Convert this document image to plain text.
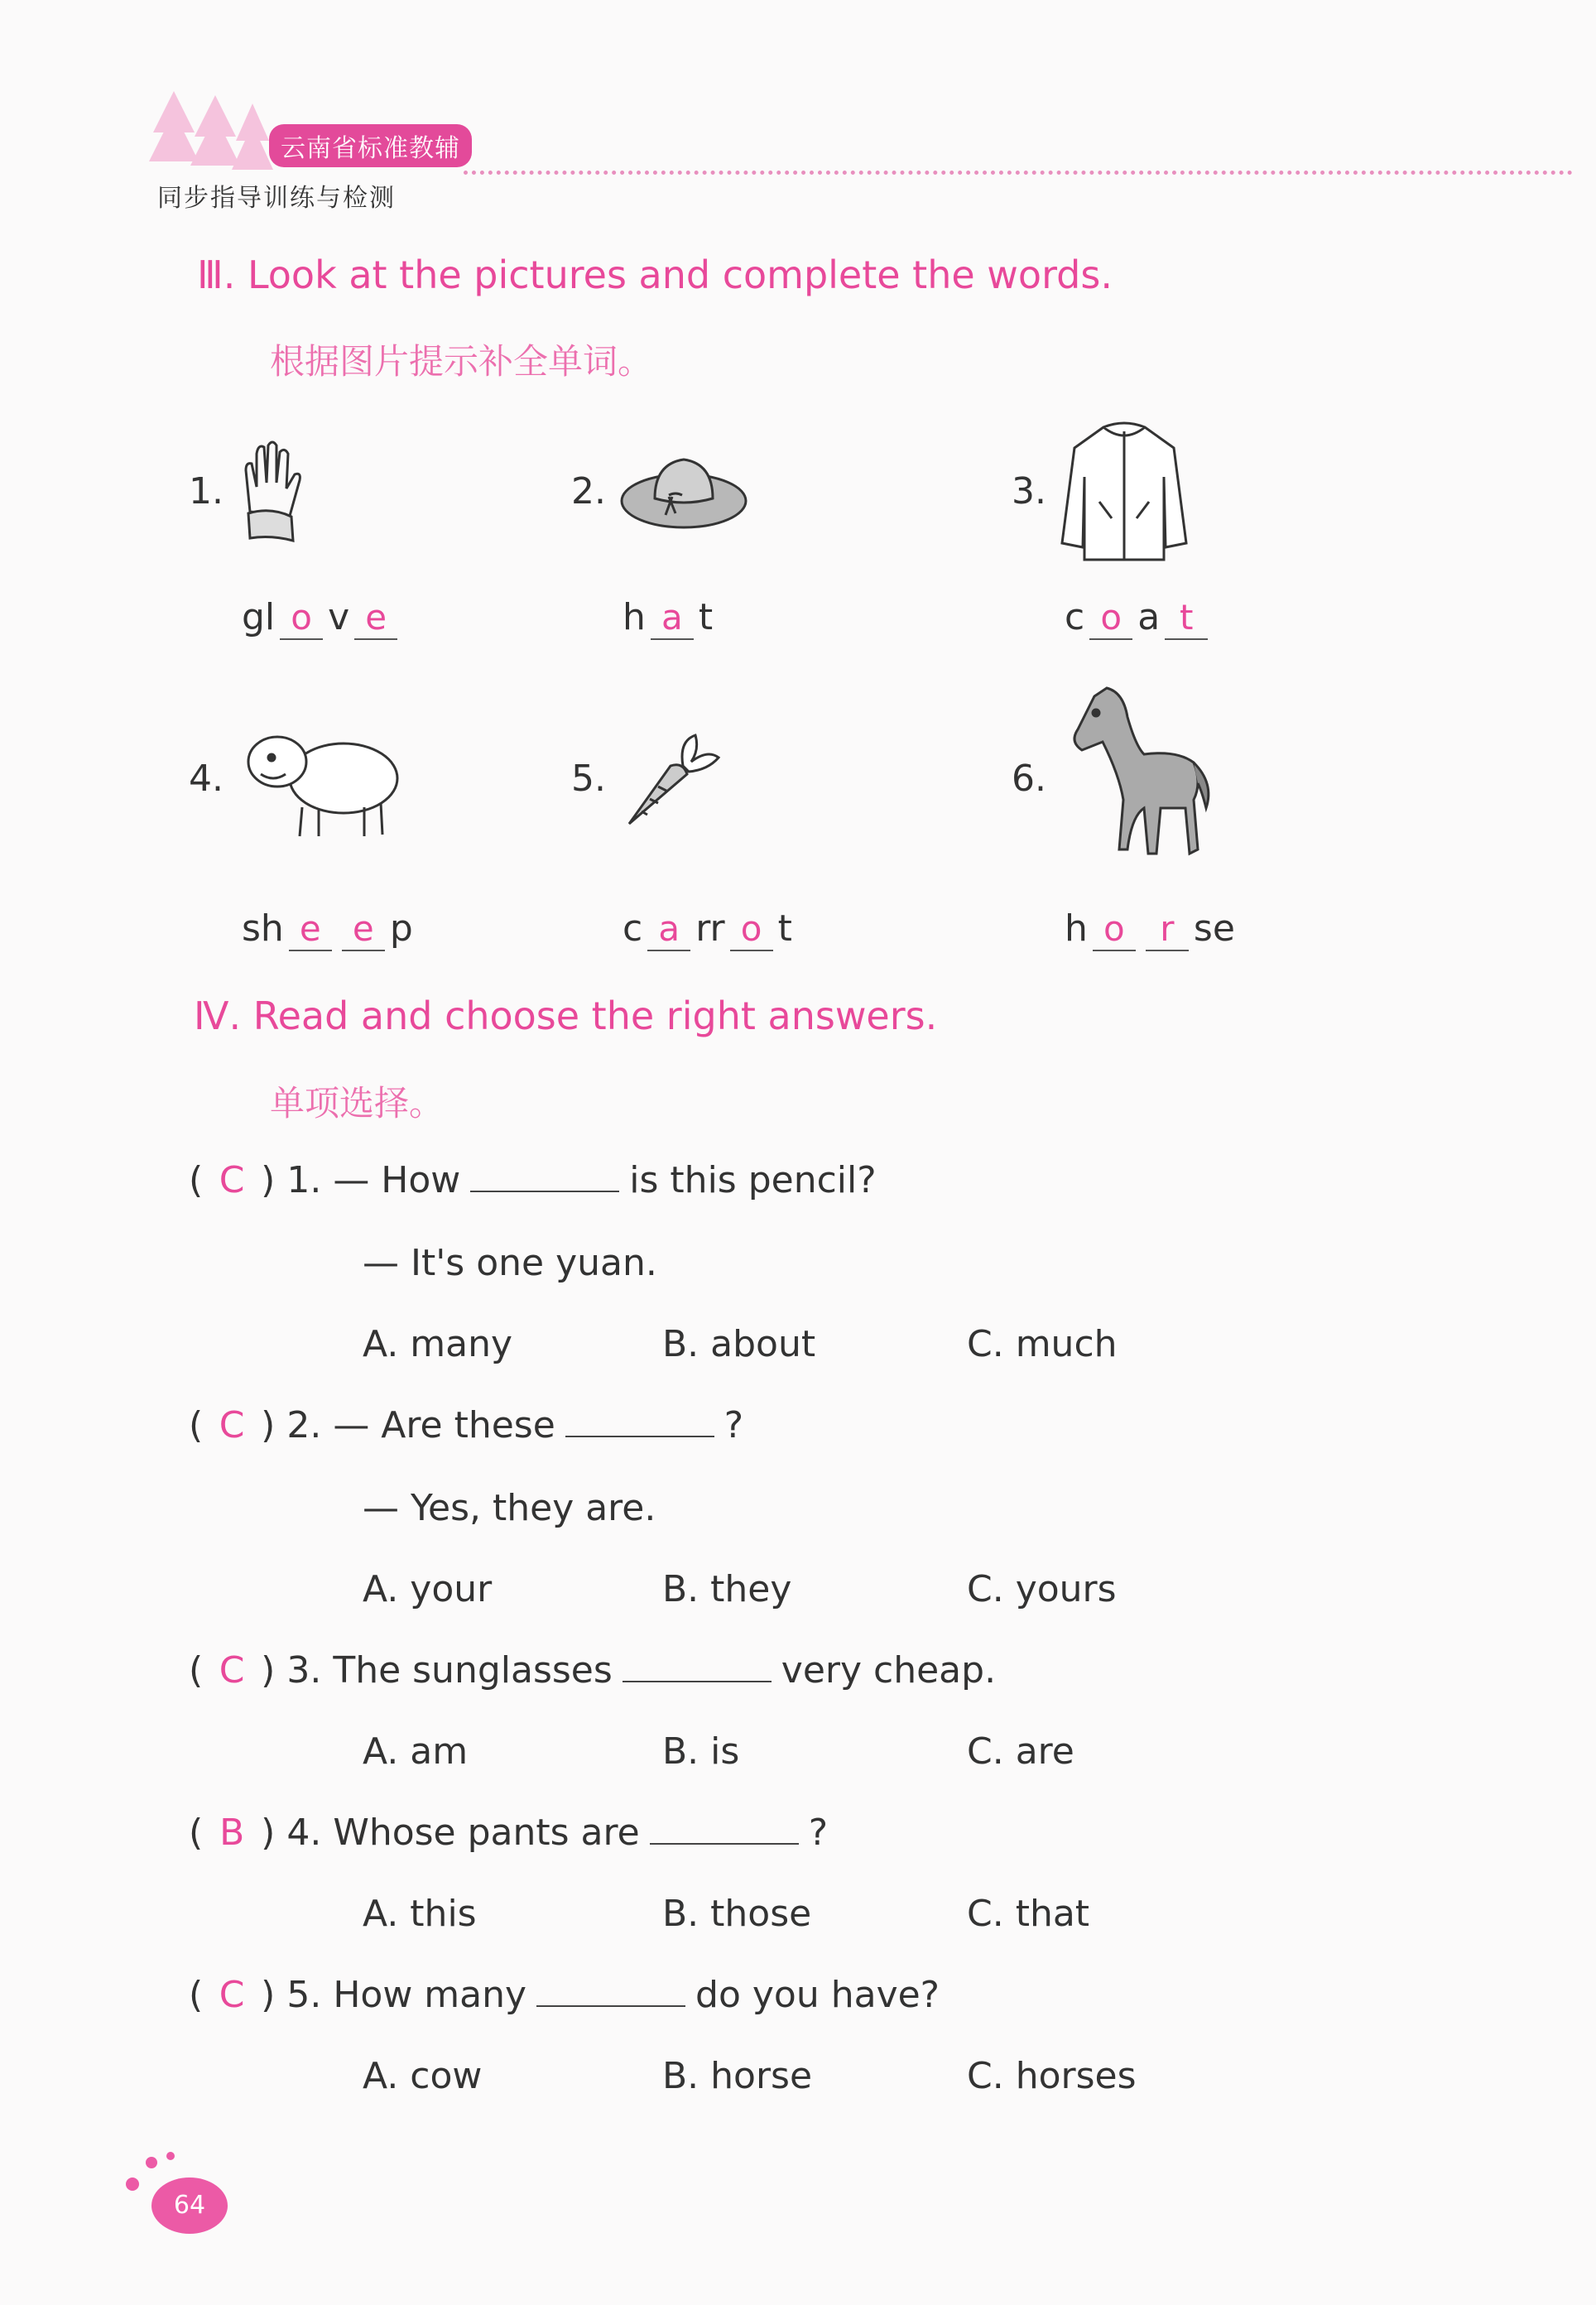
云南省标准教辅
同步指导训练与检测
Ⅲ. Look at the pictures and complete the words.
根据图片提示补全单词。
1.	2.	3.
4.	5.	6.
gl o v e	h a t	c o a t
sh e e p	c a rr o t	h o r se
Ⅳ. Read and choose the right answers.
单项选择。
( C ) 1. — How	is this pencil?
— It's one yuan.
A. many	B. about	C. much
( C ) 2. — Are these	?
— Yes, they are.
A. your	B. they	C. yours
( C ) 3. The sunglasses	very cheap.
A. am	B. is	C. are
( B ) 4. Whose pants are	?
A. this	B. those	C. that
( C ) 5. How many	do you have?
A. cow	B. horse	C. horses
64
